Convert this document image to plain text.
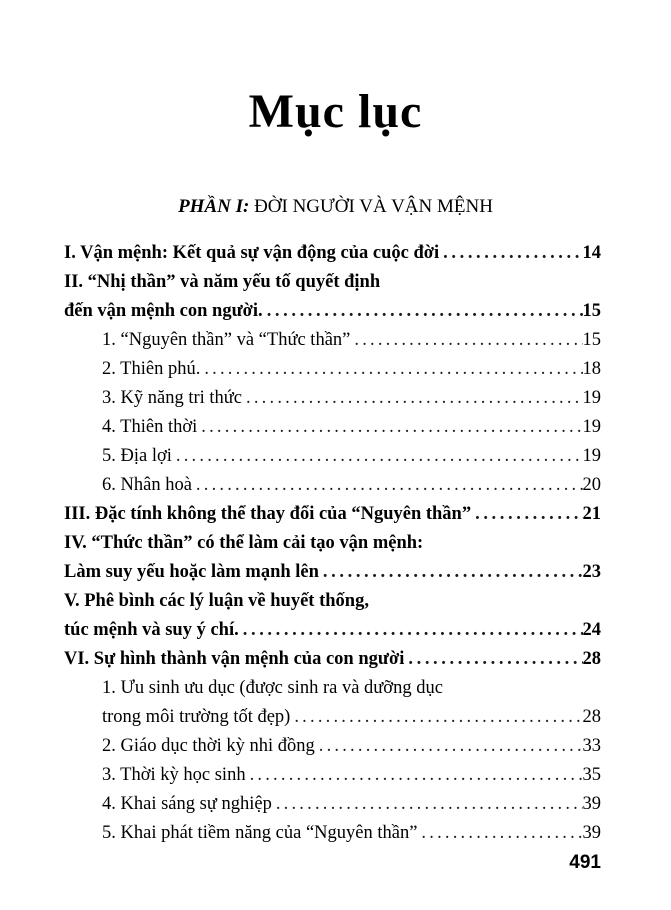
Mục lục
PHẦN I: ĐỜI NGƯỜI VÀ VẬN MỆNH
I. Vận mệnh: Kết quả sự vận động của cuộc đời .....	14
II. “Nhị thần” và năm yếu tố quyết định
đến vận mệnh con người. .....	15
1. “Nguyên thần” và “Thức thần” .....	15
2. Thiên phú. .....	18
3. Kỹ năng tri thức .....	19
4. Thiên thời .....	19
5. Địa lợi .....	19
6. Nhân hoà .....	20
III. Đặc tính không thể thay đổi của “Nguyên thần” .....	21
IV. “Thức thần” có thể làm cải tạo vận mệnh:
Làm suy yếu hoặc làm mạnh lên .....	23
V. Phê bình các lý luận về huyết thống,
túc mệnh và suy ý chí. .....	24
VI. Sự hình thành vận mệnh của con người .....	28
1. Ưu sinh ưu dục (được sinh ra và dưỡng dục
trong môi trường tốt đẹp) .....	28
2. Giáo dục thời kỳ nhi đồng .....	33
3. Thời kỳ học sinh .....	35
4. Khai sáng sự nghiệp .....	39
5. Khai phát tiềm năng của “Nguyên thần” .....	39
491
